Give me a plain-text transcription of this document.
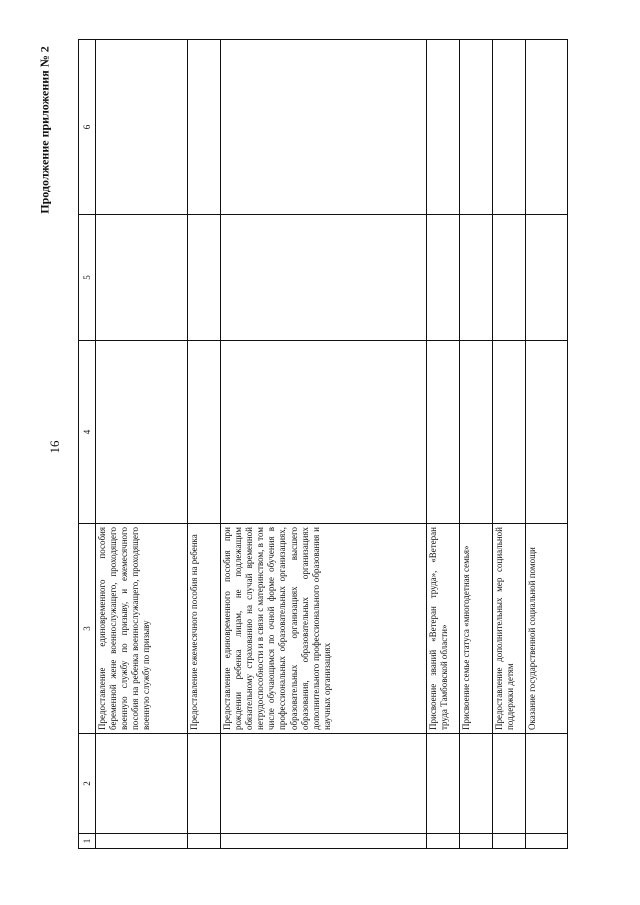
Продолжение приложения № 2
16
1	2	3	4	5	6
		Предоставление единовременного пособия беременной жене военнослужащего, проходящего военную службу по призыву, и ежемесячного пособия на ребенка военнослужащего, проходящего военную службу по призыву			
		Предоставление ежемесячного пособия на ребенка			
		Предоставление единовременного пособия при рождении ребенка лицам, не подлежащим обязательному страхованию на случай временной нетрудоспособности и в связи с материнством, в том числе обучающимся по очной форме обучения в профессиональных образовательных организациях, образовательных организациях высшего образования, образовательных организациях дополнительного профессионального образования и научных организациях			
		Присвоение званий «Ветеран труда», «Ветеран труда Тамбовской области»			
		Присвоение семье статуса «многодетная семья»			
		Предоставление дополнительных мер социальной поддержки детям			
		Оказание государственной социальной помощи			
